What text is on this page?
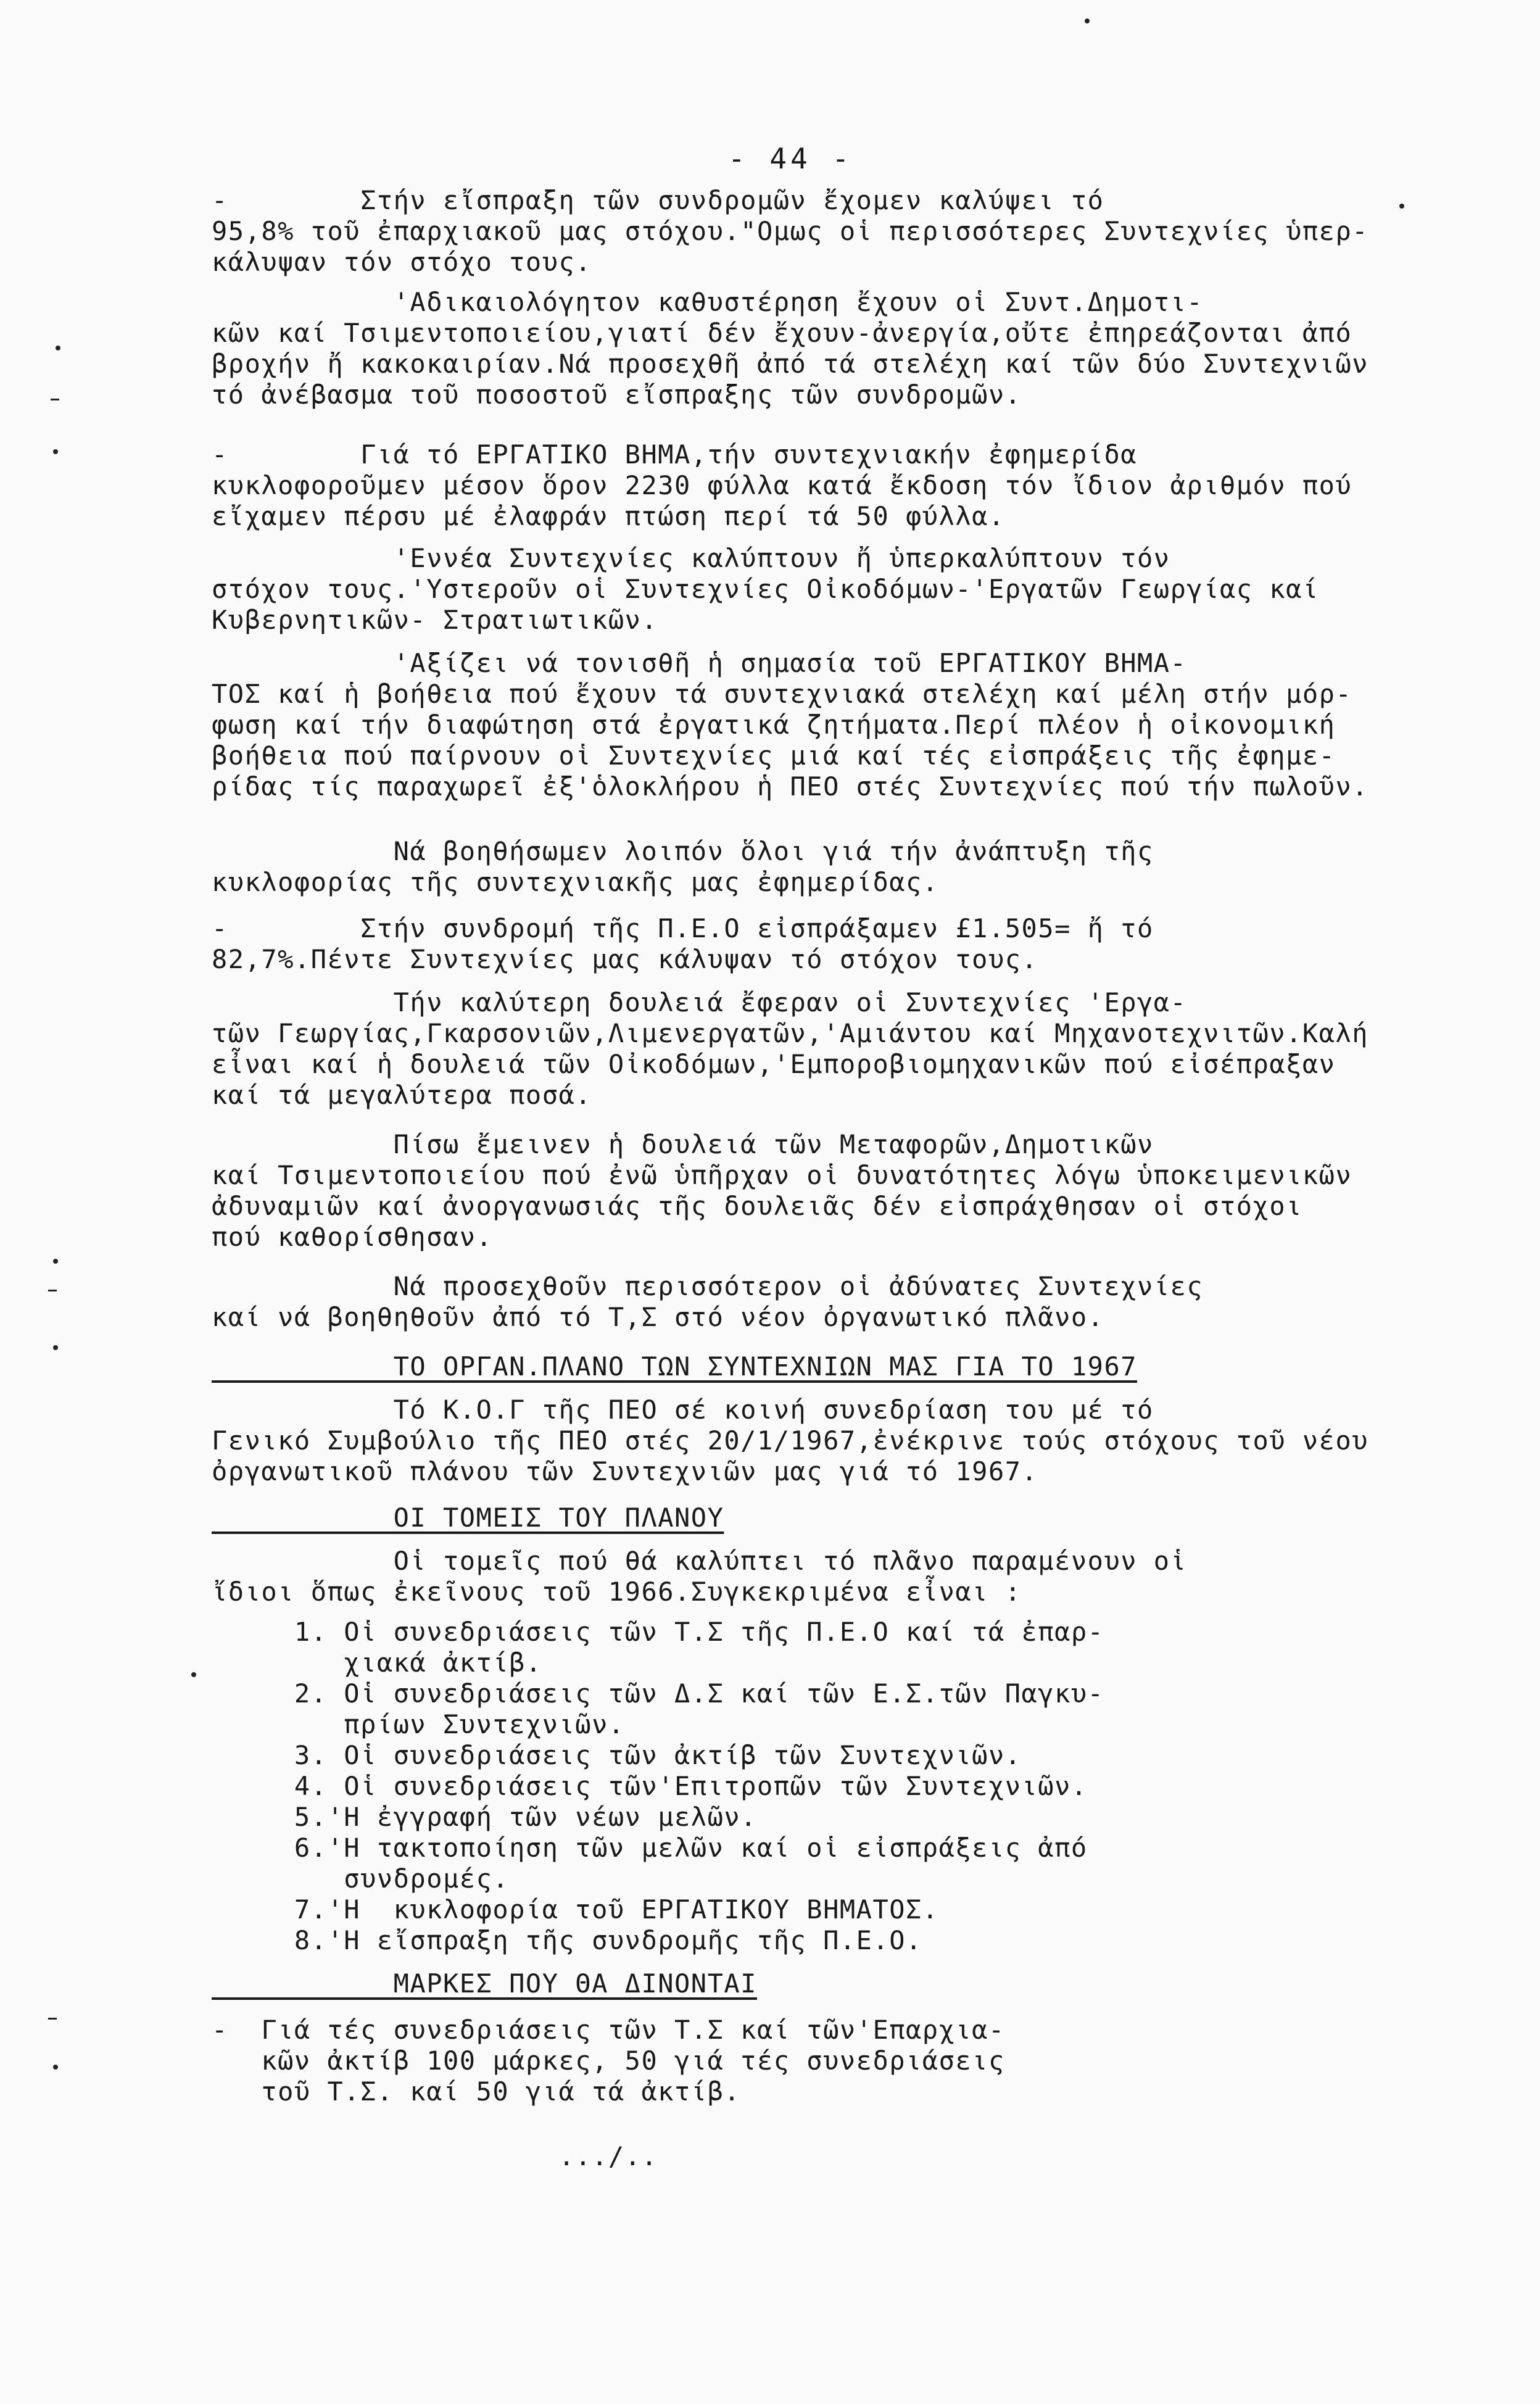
- 44 -
-        Στήν εἴσπραξη τῶν συνδρομῶν ἔχομεν καλύψει τό
95,8% τοῦ ἐπαρχιακοῦ μας στόχου."Ομως οἱ περισσότερες Συντεχνίες ὑπερ-
κάλυψαν τόν στόχο τους.
'Αδικαιολόγητον καθυστέρηση ἔχουν οἱ Συντ.Δημοτι-
κῶν καί Τσιμεντοποιείου,γιατί δέν ἔχουν-ἀνεργία,οὔτε ἐπηρεάζονται ἀπό
βροχήν ἤ κακοκαιρίαν.Νά προσεχθῆ ἀπό τά στελέχη καί τῶν δύο Συντεχνιῶν
τό ἀνέβασμα τοῦ ποσοστοῦ εἴσπραξης τῶν συνδρομῶν.
-        Γιά τό ΕΡΓΑΤΙΚΟ ΒΗΜΑ,τήν συντεχνιακήν ἐφημερίδα
κυκλοφοροῦμεν μέσον ὅρον 2230 φύλλα κατά ἔκδοση τόν ἴδιον ἀριθμόν πού
εἴχαμεν πέρσυ μέ ἐλαφράν πτώση περί τά 50 φύλλα.
'Εννέα Συντεχνίες καλύπτουν ἤ ὑπερκαλύπτουν τόν
στόχον τους.'Υστεροῦν οἱ Συντεχνίες Οἰκοδόμων-'Εργατῶν Γεωργίας καί
Κυβερνητικῶν- Στρατιωτικῶν.
'Αξίζει νά τονισθῆ ἡ σημασία τοῦ ΕΡΓΑΤΙΚΟΥ ΒΗΜΑ-
ΤΟΣ καί ἡ βοήθεια πού ἔχουν τά συντεχνιακά στελέχη καί μέλη στήν μόρ-
φωση καί τήν διαφώτηση στά ἐργατικά ζητήματα.Περί πλέον ἡ οἰκονομική
βοήθεια πού παίρνουν οἱ Συντεχνίες μιά καί τές εἰσπράξεις τῆς ἐφημε-
ρίδας τίς παραχωρεῖ ἐξ'ὁλοκλήρου ἡ ΠΕΟ στές Συντεχνίες πού τήν πωλοῦν.
Νά βοηθήσωμεν λοιπόν ὅλοι γιά τήν ἀνάπτυξη τῆς
κυκλοφορίας τῆς συντεχνιακῆς μας ἐφημερίδας.
-        Στήν συνδρομή τῆς Π.Ε.Ο εἰσπράξαμεν £1.505= ἤ τό
82,7%.Πέντε Συντεχνίες μας κάλυψαν τό στόχον τους.
Τήν καλύτερη δουλειά ἔφεραν οἱ Συντεχνίες 'Εργα-
τῶν Γεωργίας,Γκαρσονιῶν,Λιμενεργατῶν,'Αμιάντου καί Μηχανοτεχνιτῶν.Καλή
εἶναι καί ἡ δουλειά τῶν Οἰκοδόμων,'Εμποροβιομηχανικῶν πού εἰσέπραξαν
καί τά μεγαλύτερα ποσά.
Πίσω ἔμεινεν ἡ δουλειά τῶν Μεταφορῶν,Δημοτικῶν
καί Τσιμεντοποιείου πού ἐνῶ ὑπῆρχαν οἱ δυνατότητες λόγω ὑποκειμενικῶν
ἀδυναμιῶν καί ἀνοργανωσιάς τῆς δουλειᾶς δέν εἰσπράχθησαν οἱ στόχοι
πού καθορίσθησαν.
Νά προσεχθοῦν περισσότερον οἱ ἀδύνατες Συντεχνίες
καί νά βοηθηθοῦν ἀπό τό Τ,Σ στό νέον ὀργανωτικό πλᾶνο.
ΤΟ ΟΡΓΑΝ.ΠΛΑΝΟ ΤΩΝ ΣΥΝΤΕΧΝΙΩΝ ΜΑΣ ΓΙΑ ΤΟ 1967
Τό Κ.Ο.Γ τῆς ΠΕΟ σέ κοινή συνεδρίαση του μέ τό
Γενικό Συμβούλιο τῆς ΠΕΟ στές 20/1/1967,ἐνέκρινε τούς στόχους τοῦ νέου
ὀργανωτικοῦ πλάνου τῶν Συντεχνιῶν μας γιά τό 1967.
ΟΙ ΤΟΜΕΙΣ ΤΟΥ ΠΛΑΝΟΥ
Οἱ τομεῖς πού θά καλύπτει τό πλᾶνο παραμένουν οἱ
ἴδιοι ὅπως ἐκεῖνους τοῦ 1966.Συγκεκριμένα εἶναι :
1. Οἱ συνεδριάσεις τῶν Τ.Σ τῆς Π.Ε.Ο καί τά ἐπαρ-
χιακά ἀκτίβ.
2. Οἱ συνεδριάσεις τῶν Δ.Σ καί τῶν Ε.Σ.τῶν Παγκυ-
πρίων Συντεχνιῶν.
3. Οἱ συνεδριάσεις τῶν ἀκτίβ τῶν Συντεχνιῶν.
4. Οἱ συνεδριάσεις τῶν'Επιτροπῶν τῶν Συντεχνιῶν.
5.'Η ἐγγραφή τῶν νέων μελῶν.
6.'Η τακτοποίηση τῶν μελῶν καί οἱ εἰσπράξεις ἀπό
συνδρομές.
7.'Η  κυκλοφορία τοῦ ΕΡΓΑΤΙΚΟΥ ΒΗΜΑΤΟΣ.
8.'Η εἴσπραξη τῆς συνδρομῆς τῆς Π.Ε.Ο.
ΜΑΡΚΕΣ ΠΟΥ ΘΑ ΔΙΝΟΝΤΑΙ
-  Γιά τές συνεδριάσεις τῶν Τ.Σ καί τῶν'Επαρχια-
κῶν ἀκτίβ 100 μάρκες, 50 γιά τές συνεδριάσεις
τοῦ Τ.Σ. καί 50 γιά τά ἀκτίβ.
.../..
